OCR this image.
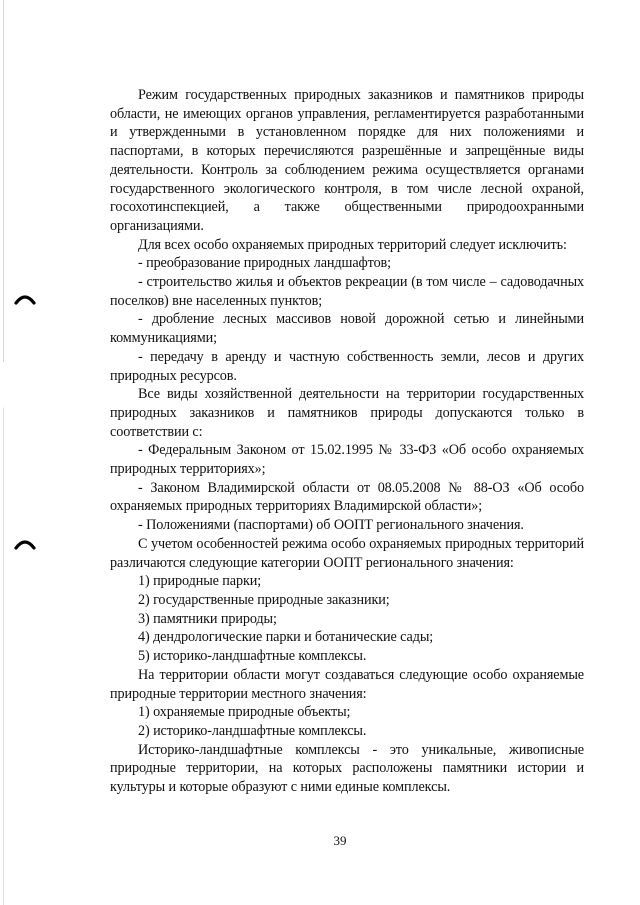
Режим государственных природных заказников и памятников природы области, не имеющих органов управления, регламентируется разработанными и утвержденными в установленном порядке для них положениями и паспортами, в которых перечисляются разрешённые и запрещённые виды деятельности. Контроль за соблюдением режима осуществляется органами государственного экологического контроля, в том числе лесной охраной, госохотинспекцией, а также общественными природоохранными организациями.

Для всех особо охраняемых природных территорий следует исключить:

- преобразование природных ландшафтов;

- строительство жилья и объектов рекреации (в том числе – садоводачных поселков) вне населенных пунктов;

- дробление лесных массивов новой дорожной сетью и линейными коммуникациями;

- передачу в аренду и частную собственность земли, лесов и других природных ресурсов.

Все виды хозяйственной деятельности на территории государственных природных заказников и памятников природы допускаются только в соответствии с:

- Федеральным Законом от 15.02.1995 № 33-ФЗ «Об особо охраняемых природных территориях»;

- Законом Владимирской области от 08.05.2008 № 88-ОЗ «Об особо охраняемых природных территориях Владимирской области»;

- Положениями (паспортами) об ООПТ регионального значения.

С учетом особенностей режима особо охраняемых природных территорий различаются следующие категории ООПТ регионального значения:

1) природные парки;

2) государственные природные заказники;

3) памятники природы;

4) дендрологические парки и ботанические сады;

5) историко-ландшафтные комплексы.

На территории области могут создаваться следующие особо охраняемые природные территории местного значения:

1) охраняемые природные объекты;

2) историко-ландшафтные комплексы.

Историко-ландшафтные комплексы - это уникальные, живописные природные территории, на которых расположены памятники истории и культуры и которые образуют с ними единые комплексы.

39
